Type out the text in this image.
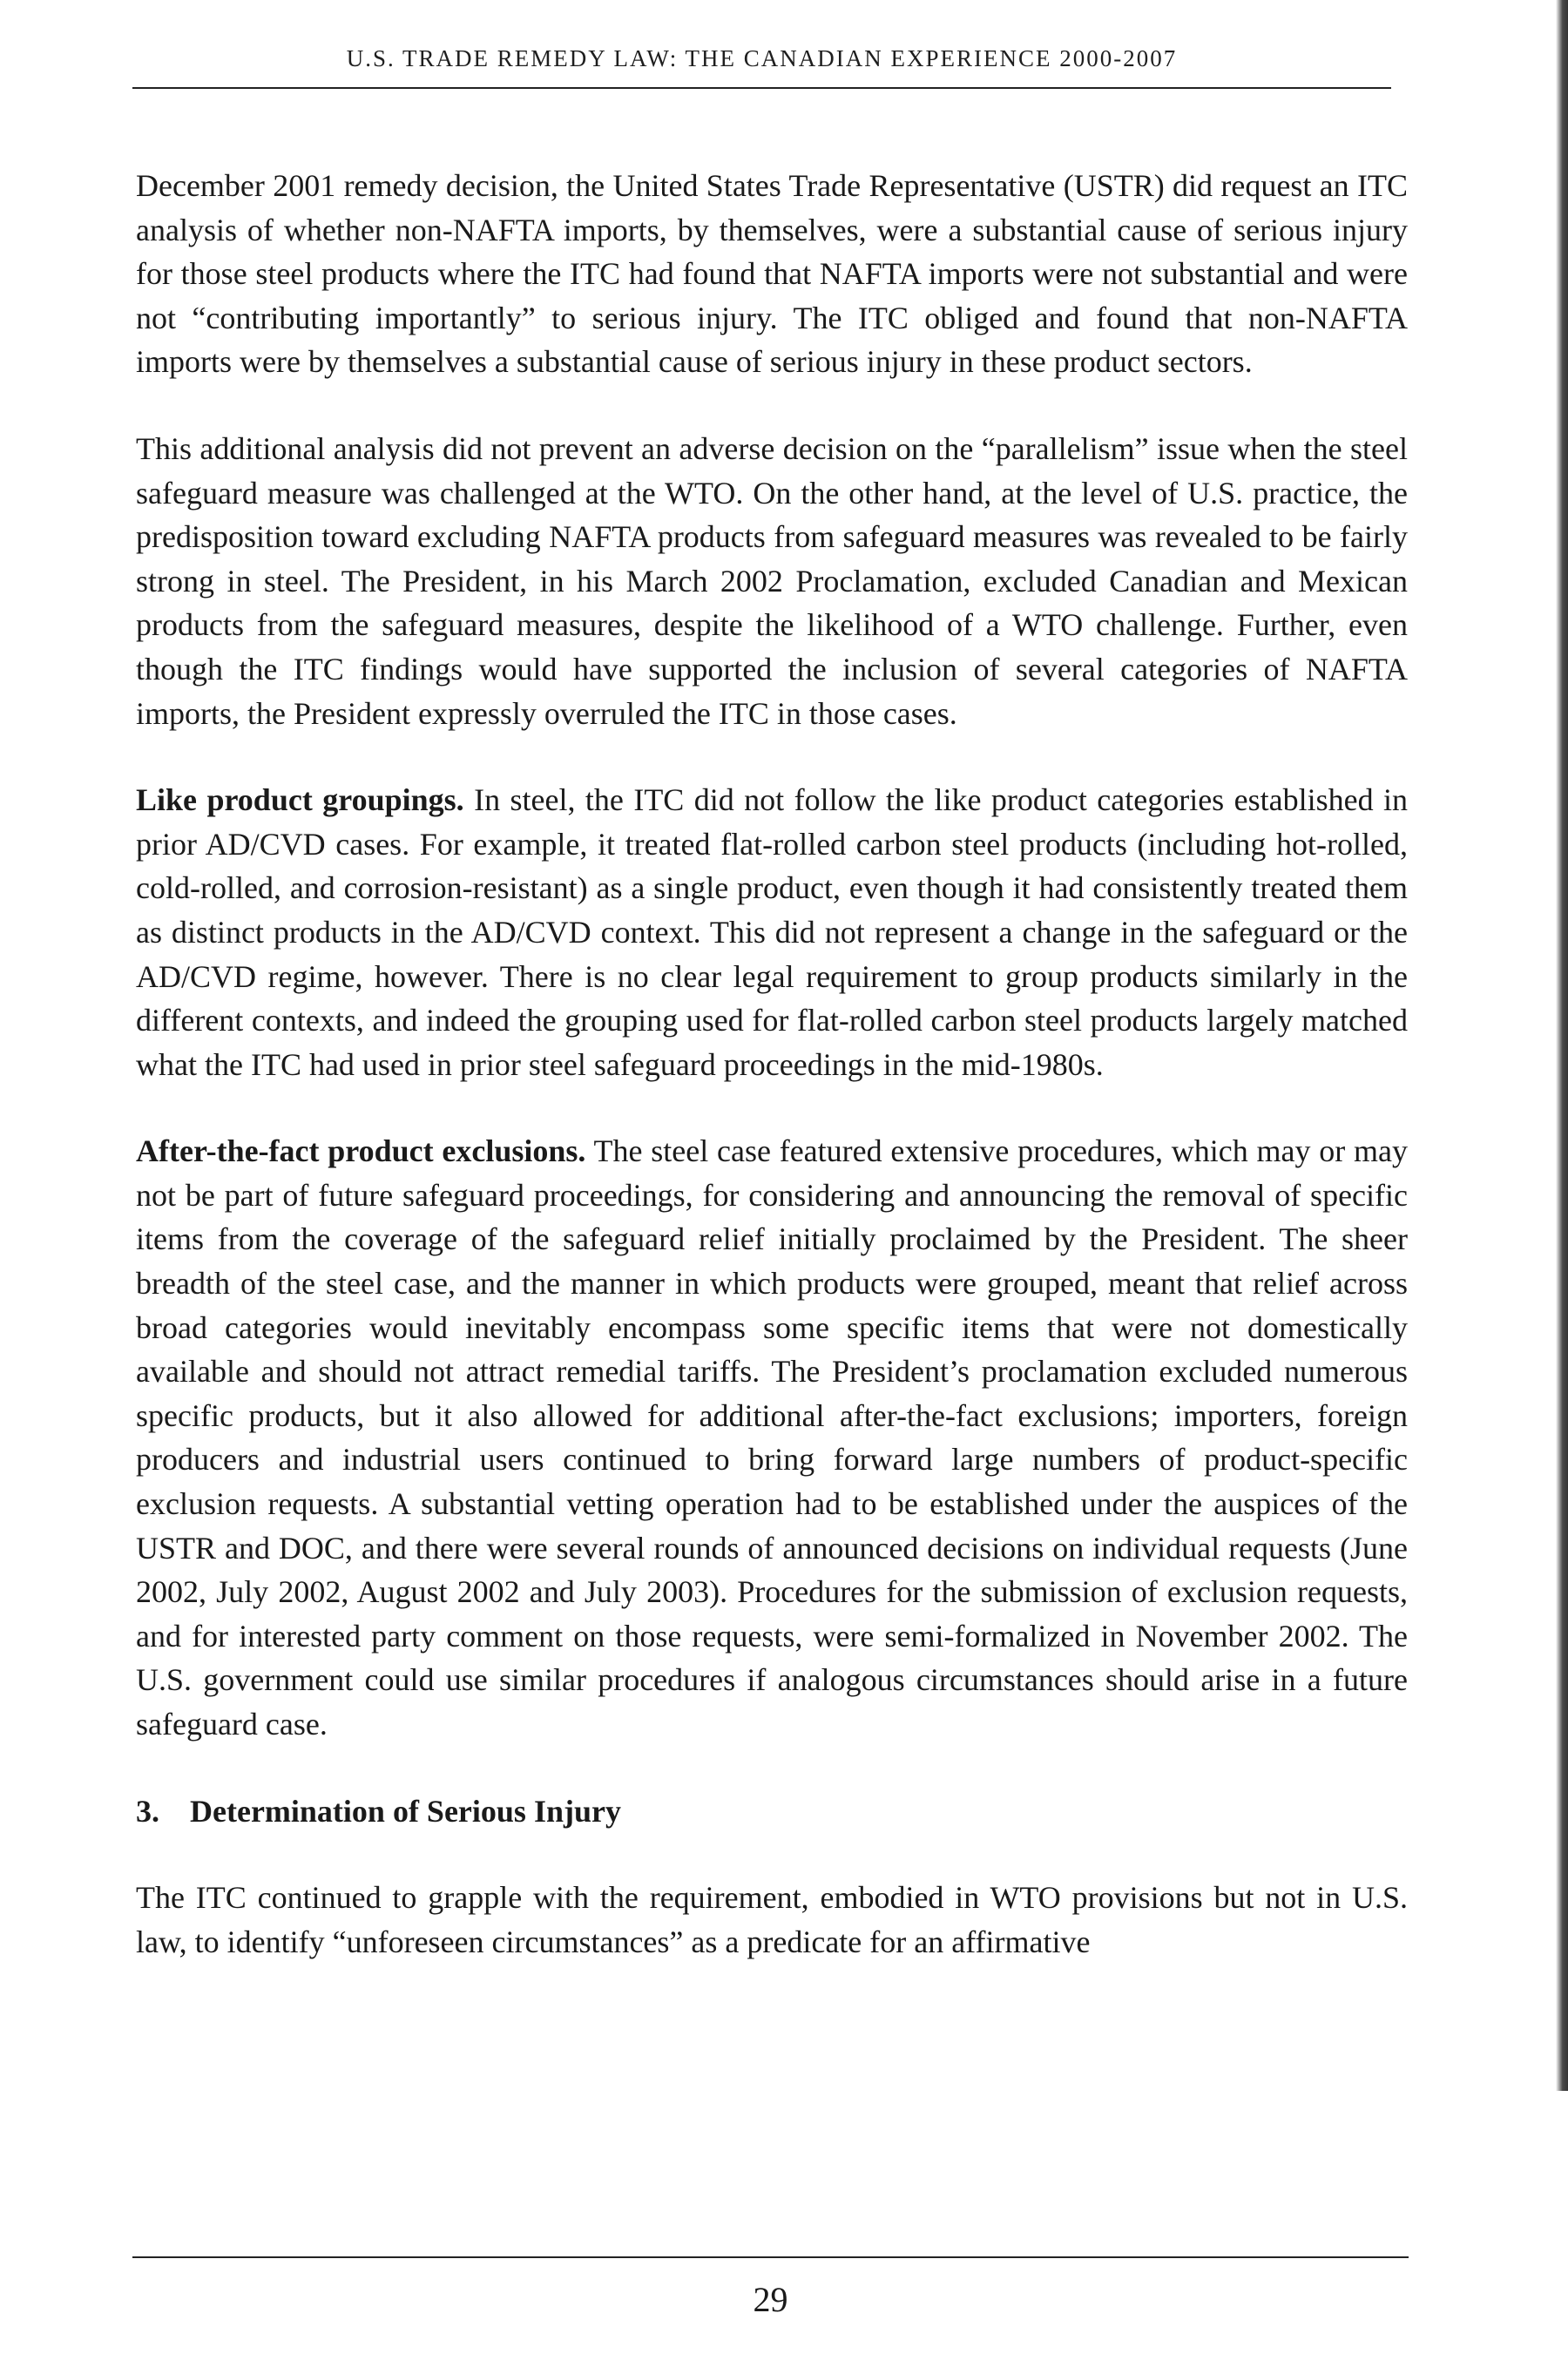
U.S. TRADE REMEDY LAW: THE CANADIAN EXPERIENCE 2000-2007

December 2001 remedy decision, the United States Trade Representative (USTR) did request an ITC analysis of whether non-NAFTA imports, by themselves, were a substantial cause of serious injury for those steel products where the ITC had found that NAFTA imports were not substantial and were not “contributing importantly” to serious injury. The ITC obliged and found that non-NAFTA imports were by themselves a substantial cause of serious injury in these product sectors.

This additional analysis did not prevent an adverse decision on the “parallelism” issue when the steel safeguard measure was challenged at the WTO. On the other hand, at the level of U.S. practice, the predisposition toward excluding NAFTA products from safeguard measures was revealed to be fairly strong in steel. The President, in his March 2002 Proclamation, excluded Canadian and Mexican products from the safeguard measures, despite the likelihood of a WTO challenge. Further, even though the ITC findings would have supported the inclusion of several categories of NAFTA imports, the President expressly overruled the ITC in those cases.

Like product groupings. In steel, the ITC did not follow the like product categories established in prior AD/CVD cases. For example, it treated flat-rolled carbon steel products (including hot-rolled, cold-rolled, and corrosion-resistant) as a single product, even though it had consistently treated them as distinct products in the AD/CVD context. This did not represent a change in the safeguard or the AD/CVD regime, however. There is no clear legal requirement to group products similarly in the different contexts, and indeed the grouping used for flat-rolled carbon steel products largely matched what the ITC had used in prior steel safeguard proceedings in the mid-1980s.

After-the-fact product exclusions. The steel case featured extensive procedures, which may or may not be part of future safeguard proceedings, for considering and announcing the removal of specific items from the coverage of the safeguard relief initially proclaimed by the President. The sheer breadth of the steel case, and the manner in which products were grouped, meant that relief across broad categories would inevitably encompass some specific items that were not domestically available and should not attract remedial tariffs. The President’s proclamation excluded numerous specific products, but it also allowed for additional after-the-fact exclusions; importers, foreign producers and industrial users continued to bring forward large numbers of product-specific exclusion requests. A substantial vetting operation had to be established under the auspices of the USTR and DOC, and there were several rounds of announced decisions on individual requests (June 2002, July 2002, August 2002 and July 2003). Procedures for the submission of exclusion requests, and for interested party comment on those requests, were semi-formalized in November 2002. The U.S. government could use similar procedures if analogous circumstances should arise in a future safeguard case.

3. Determination of Serious Injury

The ITC continued to grapple with the requirement, embodied in WTO provisions but not in U.S. law, to identify “unforeseen circumstances” as a predicate for an affirmative

29
